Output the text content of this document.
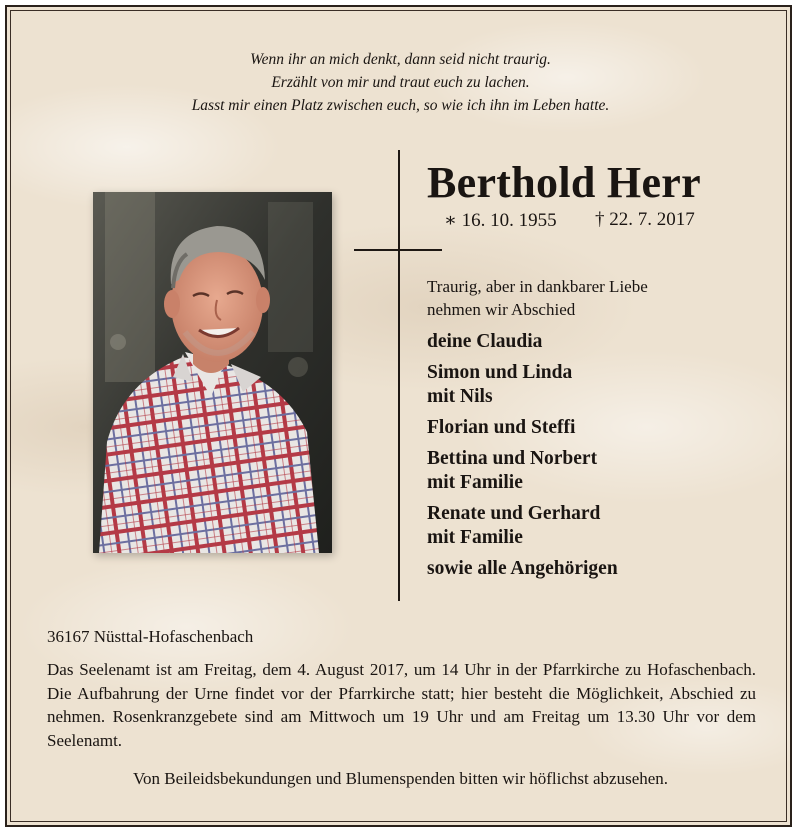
Wenn ihr an mich denkt, dann seid nicht traurig.
Erzählt von mir und traut euch zu lachen.
Lasst mir einen Platz zwischen euch, so wie ich ihn im Leben hatte.
Berthold Herr
∗ 16. 10. 1955 † 22. 7. 2017
Traurig, aber in dankbarer Liebe
nehmen wir Abschied
deine Claudia
Simon und Linda
mit Nils
Florian und Steffi
Bettina und Norbert
mit Familie
Renate und Gerhard
mit Familie
sowie alle Angehörigen
36167 Nüsttal-Hofaschenbach
Das Seelenamt ist am Freitag, dem 4. August 2017, um 14 Uhr in der Pfarrkirche zu Hofaschenbach. Die Aufbahrung der Urne findet vor der Pfarrkirche statt; hier besteht die Möglichkeit, Abschied zu nehmen. Rosenkranzgebete sind am Mittwoch um 19 Uhr und am Freitag um 13.30 Uhr vor dem Seelenamt.
Von Beileidsbekundungen und Blumenspenden bitten wir höflichst abzusehen.
